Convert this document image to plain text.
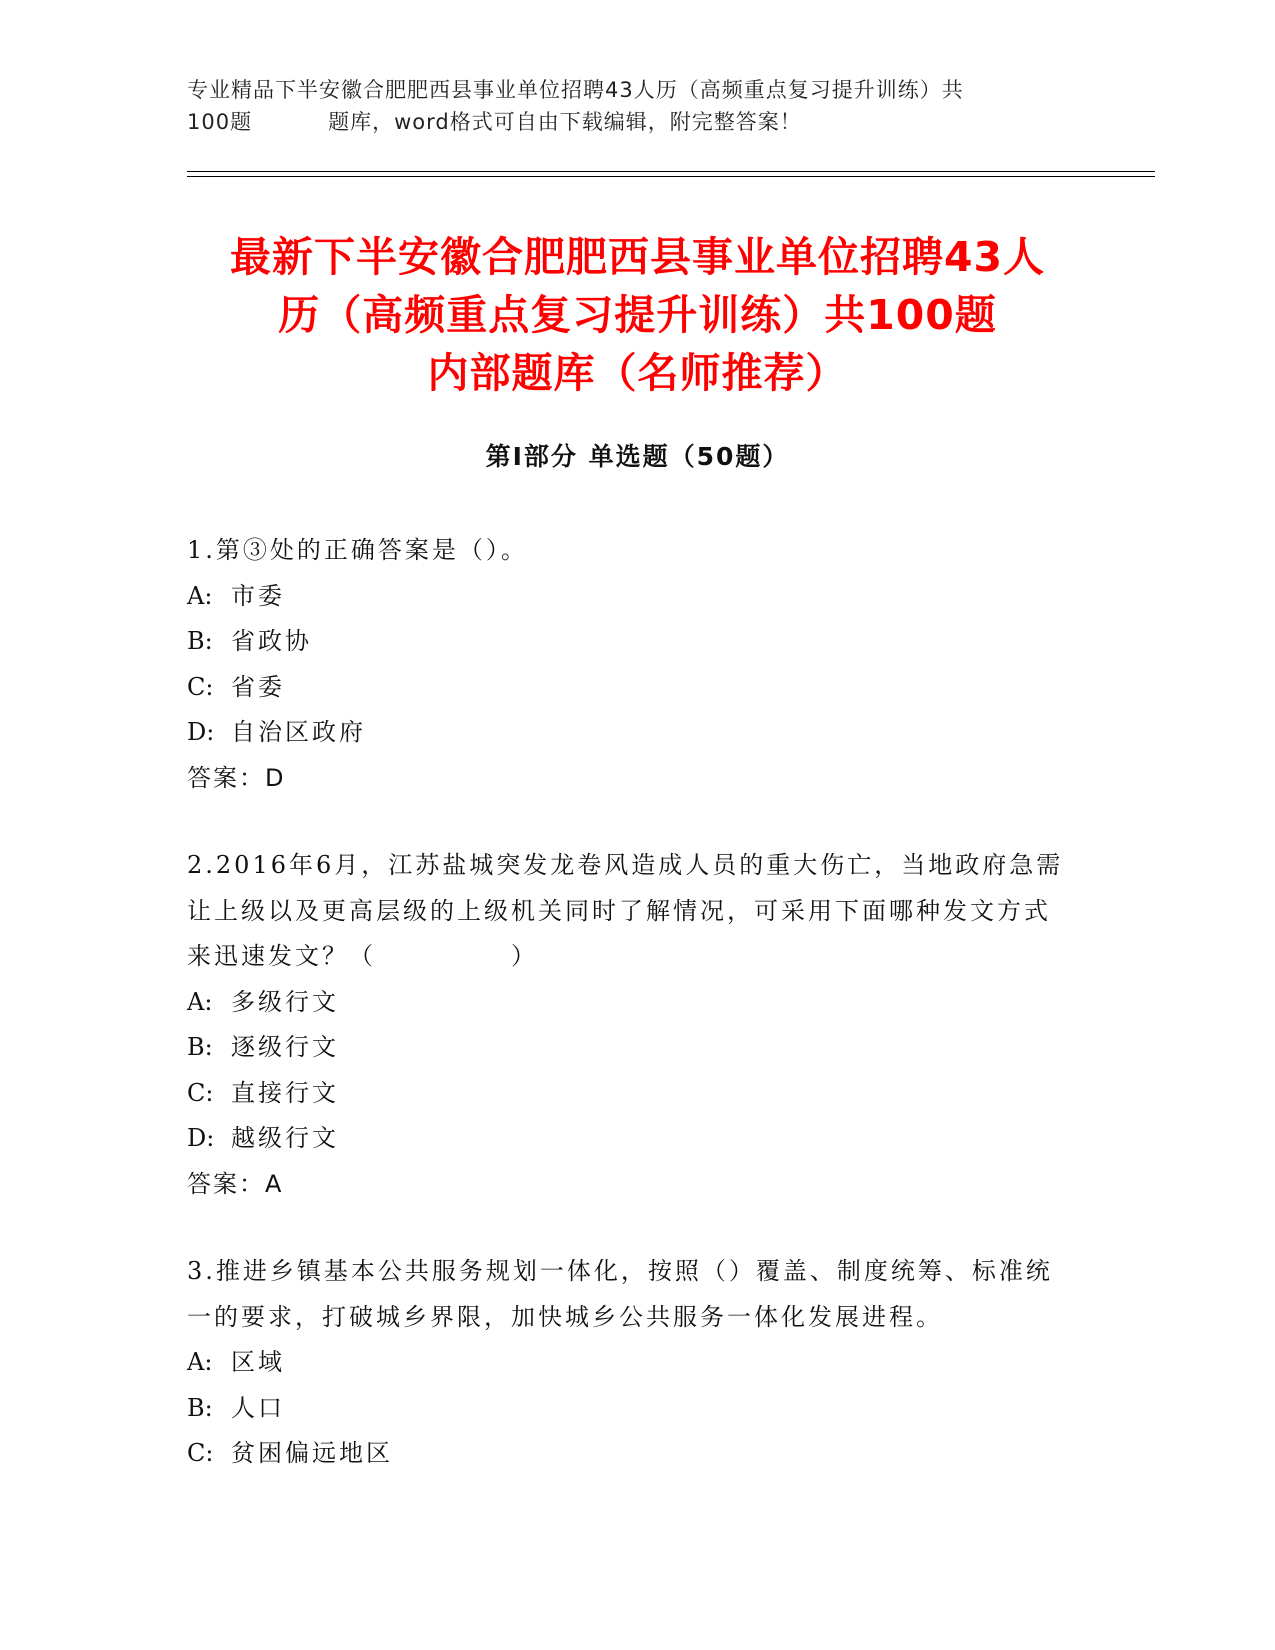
专业精品下半安徽合肥肥西县事业单位招聘43人历（高频重点复习提升训练）共
100题	题库，word格式可自由下载编辑，附完整答案！
最新下半安徽合肥肥西县事业单位招聘43人
历（高频重点复习提升训练）共100题
内部题库（名师推荐）
第Ⅰ部分 单选题（50题）

1.第③处的正确答案是（）。

A: 市委

B: 省政协

C: 省委

D: 自治区政府

答案：D

2.2016年6月，江苏盐城突发龙卷风造成人员的重大伤亡，当地政府急需让上级以及更高层级的上级机关同时了解情况，可采用下面哪种发文方式来迅速发文？（　　　　　）

A: 多级行文

B: 逐级行文

C: 直接行文

D: 越级行文

答案：A

3.推进乡镇基本公共服务规划一体化，按照（）覆盖、制度统筹、标准统一的要求，打破城乡界限，加快城乡公共服务一体化发展进程。

A: 区域

B: 人口

C: 贫困偏远地区
